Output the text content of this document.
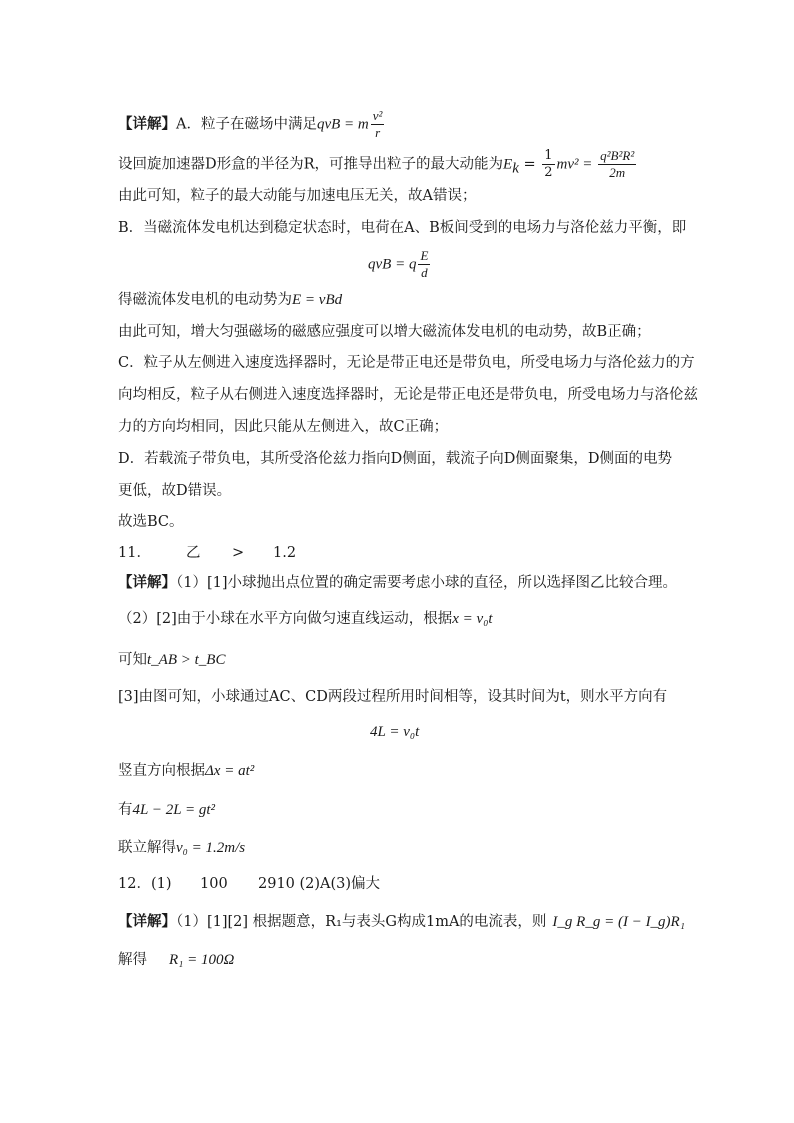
【详解】A．粒子在磁场中满足qvB = m $\frac{\text{v²}}{r}$
设回旋加速器D形盒的半径为R，可推导出粒子的最大动能为$E_k = \frac{1}{2} mv^2 = \frac{\text{q²B²R²}}{2m}$
由此可知，粒子的最大动能与加速电压无关，故A错误；
B．当磁流体发电机达到稳定状态时，电荷在A、B板间受到的电场力与洛伦兹力平衡，即
qvB = q $\frac{E}{d}$
得磁流体发电机的电动势为E = vBd
由此可知，增大匀强磁场的磁感应强度可以增大磁流体发电机的电动势，故B正确；
C．粒子从左侧进入速度选择器时，无论是带正电还是带负电，所受电场力与洛伦兹力的方
向均相反，粒子从右侧进入速度选择器时，无论是带正电还是带负电，所受电场力与洛伦兹
力的方向均相同，因此只能从左侧进入，故C正确；
D．若载流子带负电，其所受洛伦兹力指向D侧面，载流子向D侧面聚集，D侧面的电势
更低，故D错误。
故选BC。
11． 乙 > 1.2
【详解】（1）[1]小球抛出点位置的确定需要考虑小球的直径，所以选择图乙比较合理。
（2）[2]由于小球在水平方向做匀速直线运动，根据x = v₀t
可知t_AB > t_BC
[3]由图可知，小球通过AC、CD两段过程所用时间相等，设其时间为t，则水平方向有
4L = v₀t
竖直方向根据Δx = at²
有4L − 2L = gt²
联立解得v₀ = 1.2m/s
12．(1) 100 2910 (2)A(3)偏大
【详解】（1）[1][2] 根据题意，R₁与表头G构成1mA的电流表，则 I_g R_g = (I − I_g)R₁
解得 R₁ = 100Ω
